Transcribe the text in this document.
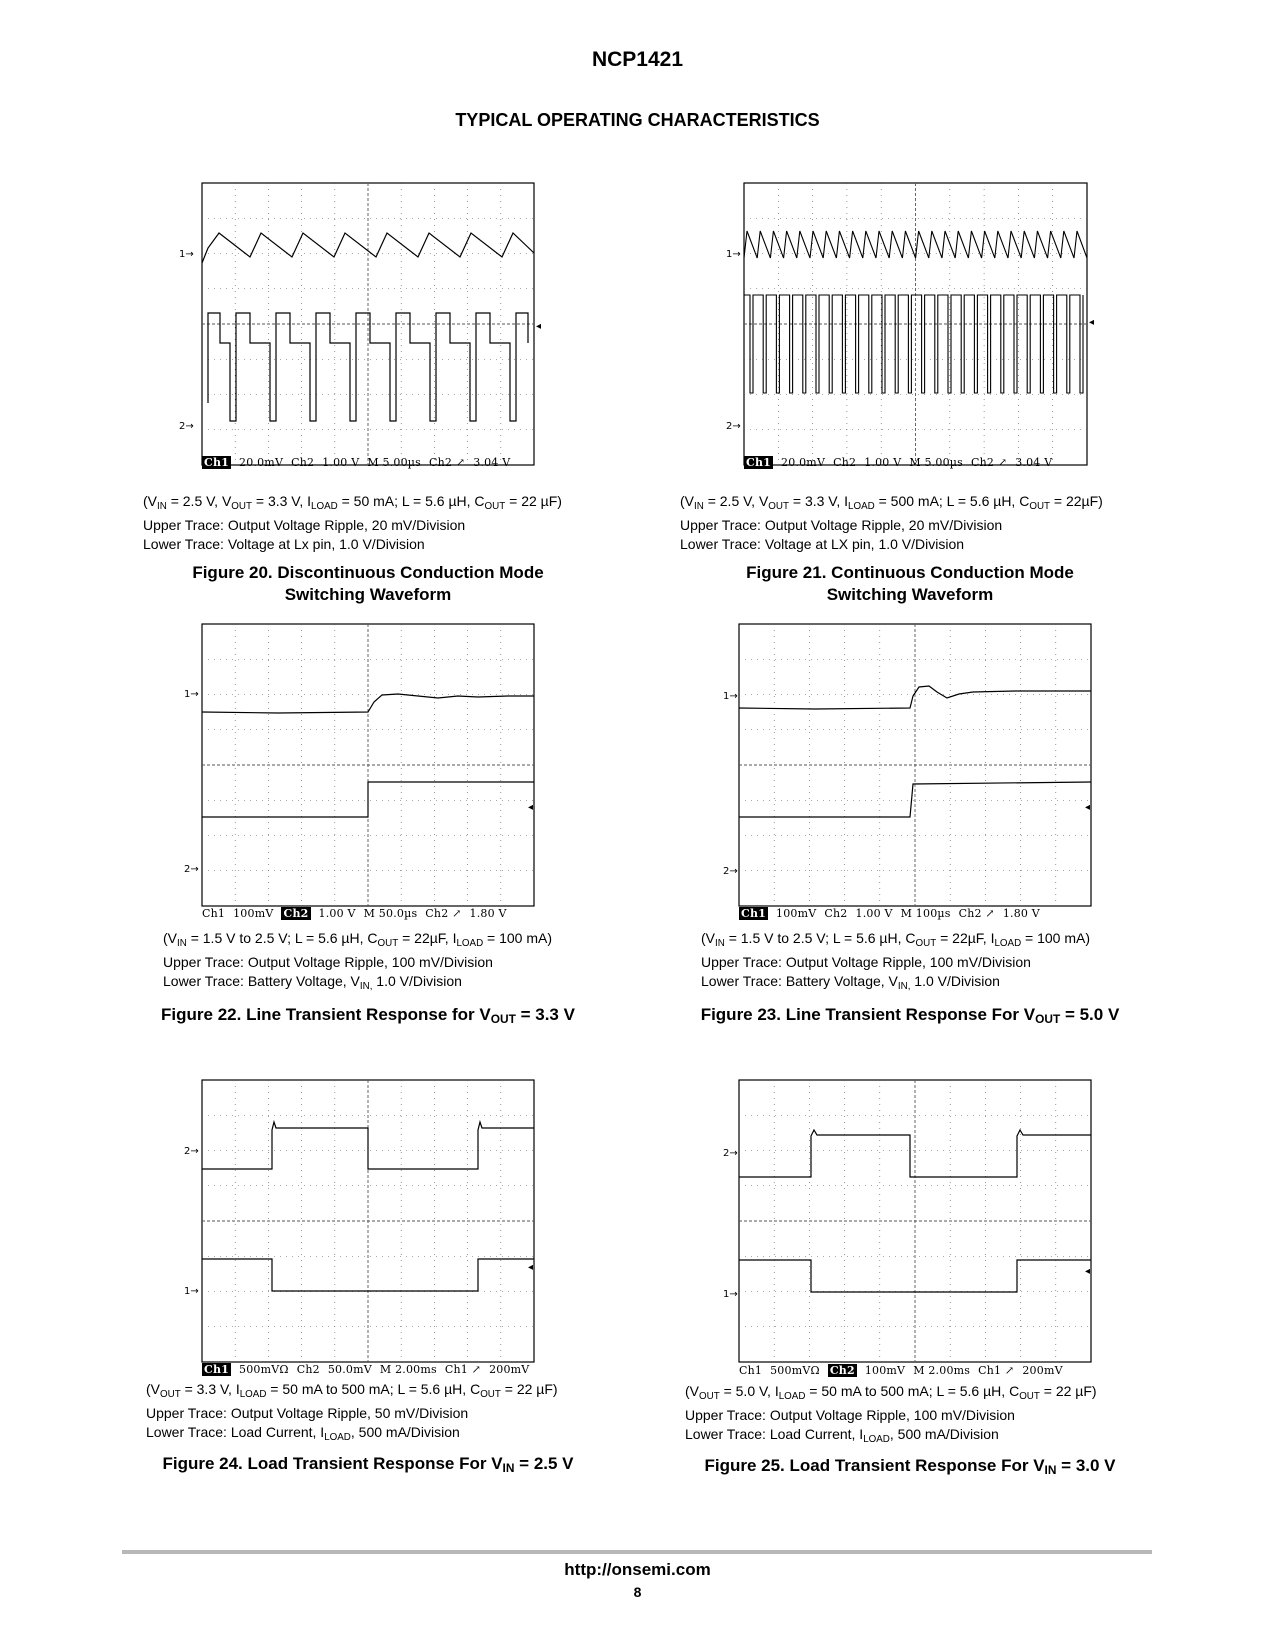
NCP1421
TYPICAL OPERATING CHARACTERISTICS
1→
2→
◂
Ch1 20.0mV Ch2 1.00 V M 5.00µs Ch2 ↗ 3.04 V
($V_{IN} = 2.5$ V, $V_{OUT} = 3.3$ V, $I_{LOAD} = 50$ mA; L = 5.6 µH, $C_{OUT} = 22$ µF)
Upper Trace: Output Voltage Ripple, 20 mV/Division
Lower Trace: Voltage at Lx pin, 1.0 V/Division
Figure 20. Discontinuous Conduction Mode
Switching Waveform
1→
2→
◂
Ch1 20.0mV Ch2 1.00 V M 5.00µs Ch2 ↗ 3.04 V
($V_{IN} = 2.5$ V, $V_{OUT} = 3.3$ V, $I_{LOAD} = 500$ mA; L = 5.6 µH, $C_{OUT} = 22\mu F$)
Upper Trace: Output Voltage Ripple, 20 mV/Division
Lower Trace: Voltage at LX pin, 1.0 V/Division
Figure 21. Continuous Conduction Mode
Switching Waveform
1→
2→
◂
Ch1 100mV Ch2 1.00 V M 50.0µs Ch2 ↗ 1.80 V
($V_{IN} = 1.5$ V to 2.5 V; L = 5.6 µH, $C_{OUT} = 22\mu F$, $I_{LOAD} = 100$ mA)
Upper Trace: Output Voltage Ripple, 100 mV/Division
Lower Trace: Battery Voltage, $V_{IN,}$ 1.0 V/Division
Figure 22. Line Transient Response for $V_{OUT} = 3.3$ V
1→
2→
◂
Ch1 100mV Ch2 1.00 V M 100µs Ch2 ↗ 1.80 V
($V_{IN} = 1.5$ V to 2.5 V; L = 5.6 µH, $C_{OUT} = 22\mu F$, $I_{LOAD} = 100$ mA)
Upper Trace: Output Voltage Ripple, 100 mV/Division
Lower Trace: Battery Voltage, $V_{IN,}$ 1.0 V/Division
Figure 23. Line Transient Response For $V_{OUT} = 5.0$ V
2→
1→
◂
Ch1 500mVΩ Ch2 50.0mV M 2.00ms Ch1 ↗ 200mV
($V_{OUT} = 3.3$ V, $I_{LOAD} = 50$ mA to 500 mA; L = 5.6 µH, $C_{OUT} = 22$ µF)
Upper Trace: Output Voltage Ripple, 50 mV/Division
Lower Trace: Load Current, $I_{LOAD}$, 500 mA/Division
Figure 24. Load Transient Response For $V_{IN} = 2.5$ V
2→
1→
◂
Ch1 500mVΩ Ch2 100mV M 2.00ms Ch1 ↗ 200mV
($V_{OUT} = 5.0$ V, $I_{LOAD} = 50$ mA to 500 mA; L = 5.6 µH, $C_{OUT} = 22$ µF)
Upper Trace: Output Voltage Ripple, 100 mV/Division
Lower Trace: Load Current, $I_{LOAD}$, 500 mA/Division
Figure 25. Load Transient Response For $V_{IN} = 3.0$ V
http://onsemi.com
8
